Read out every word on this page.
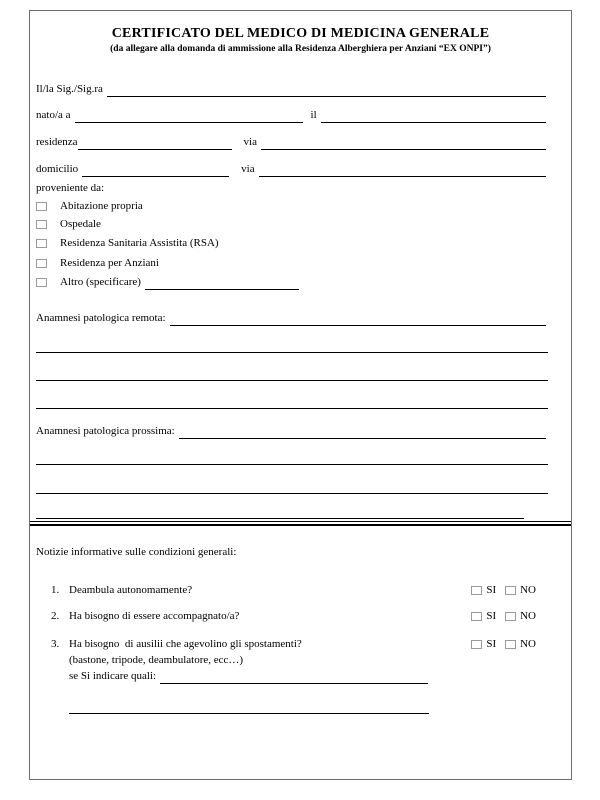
CERTIFICATO DEL MEDICO DI MEDICINA GENERALE
(da allegare alla domanda di ammissione alla Residenza Alberghiera per Anziani “EX ONPI”)
Il/la Sig./Sig.ra
nato/a a	il
residenza	via
domicilio	via
proveniente da:
Abitazione propria
Ospedale
Residenza Sanitaria Assistita (RSA)
Residenza per Anziani
Altro (specificare)
Anamnesi patologica remota:
Anamnesi patologica prossima:
Notizie informative sulle condizioni generali:
1. Deambula autonomamente?	SI NO
2. Ha bisogno di essere accompagnato/a?	SI NO
3. Ha bisogno  di ausilii che agevolino gli spostamenti?	SI NO
(bastone, tripode, deambulatore, ecc…)
se Si indicare quali:
